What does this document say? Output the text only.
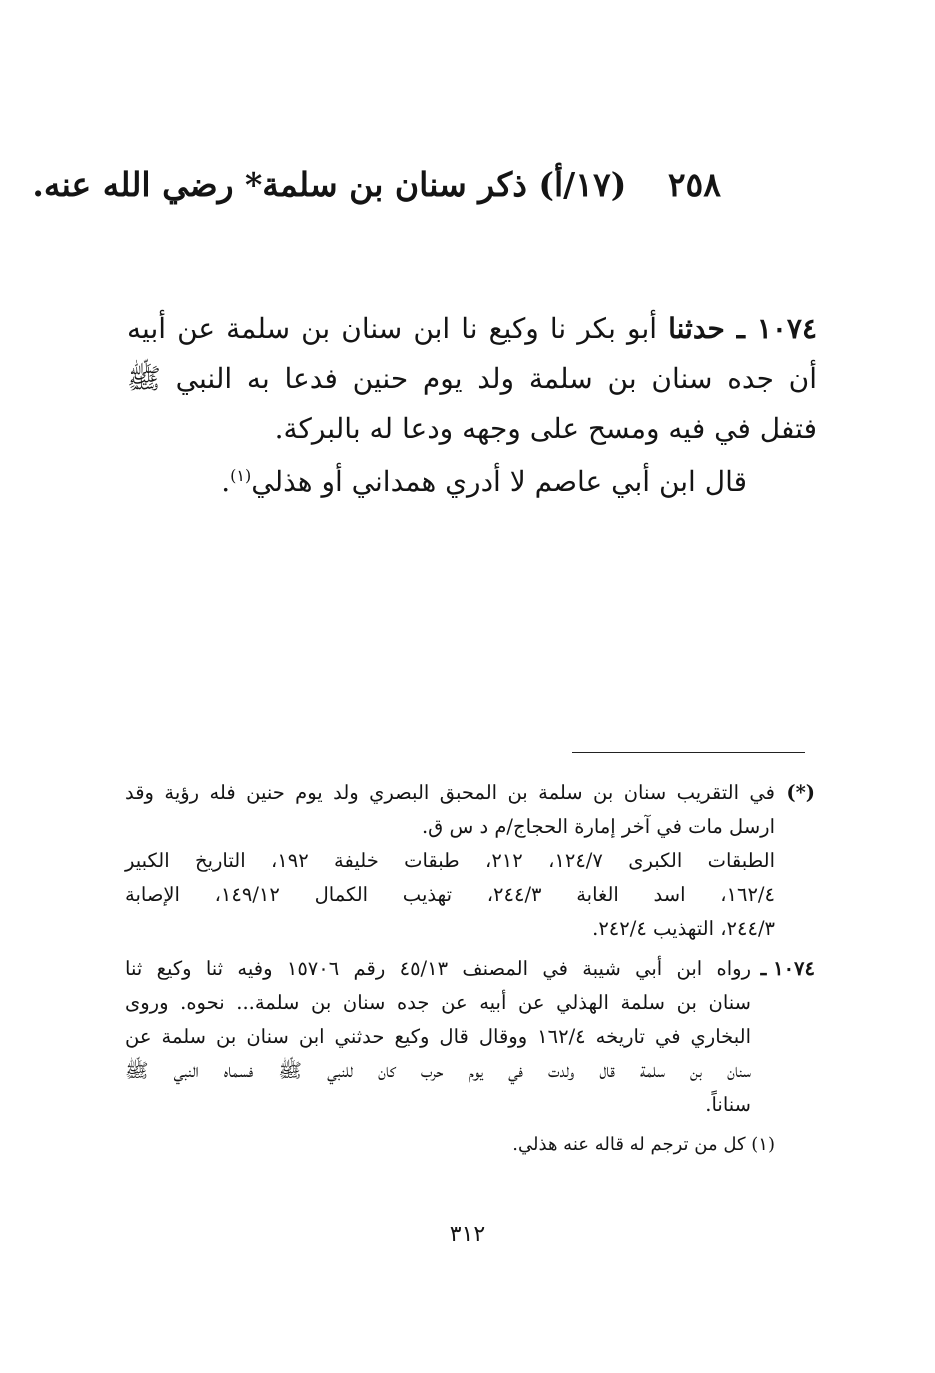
٢٥٨ (١٧/أ) ذكر سنان بن سلمة* رضي الله عنه.

١٠٧٤ ـ حدثنا أبو بكر نا وكيع نا ابن سنان بن سلمة عن أبيه أن جده سنان بن سلمة ولد يوم حنين فدعا به النبي ﷺ فتفل في فيه ومسح على وجهه ودعا له بالبركة.

قال ابن أبي عاصم لا أدري همداني أو هذلي$^{(١)}$.

(*)
في التقريب سنان بن سلمة بن المحبق البصري ولد يوم حنين فله رؤية وقد
ارسل مات في آخر إمارة الحجاج/م د س ق.
الطبقات الكبرى ١٢٤/٧، ٢١٢، طبقات خليفة ١٩٢، التاريخ الكبير
١٦٢/٤، اسد الغابة ٢٤٤/٣، تهذيب الكمال ١٤٩/١٢، الإصابة
٢٤٤/٣، التهذيب ٢٤٢/٤.
١٠٧٤ ـ
رواه ابن أبي شيبة في المصنف ٤٥/١٣ رقم ١٥٧٠٦ وفيه ثنا وكيع ثنا
سنان بن سلمة الهذلي عن أبيه عن جده سنان بن سلمة... نحوه. وروى
البخاري في تاريخه ١٦٢/٤ ووقال قال وكيع حدثني ابن سنان بن سلمة عن
سنان بن سلمة قال ولدت في يوم حرب كان للنبي ﷺ فسماه النبي ﷺ
سناناً.
(١) كل من ترجم له قاله عنه هذلي.
٣١٢
